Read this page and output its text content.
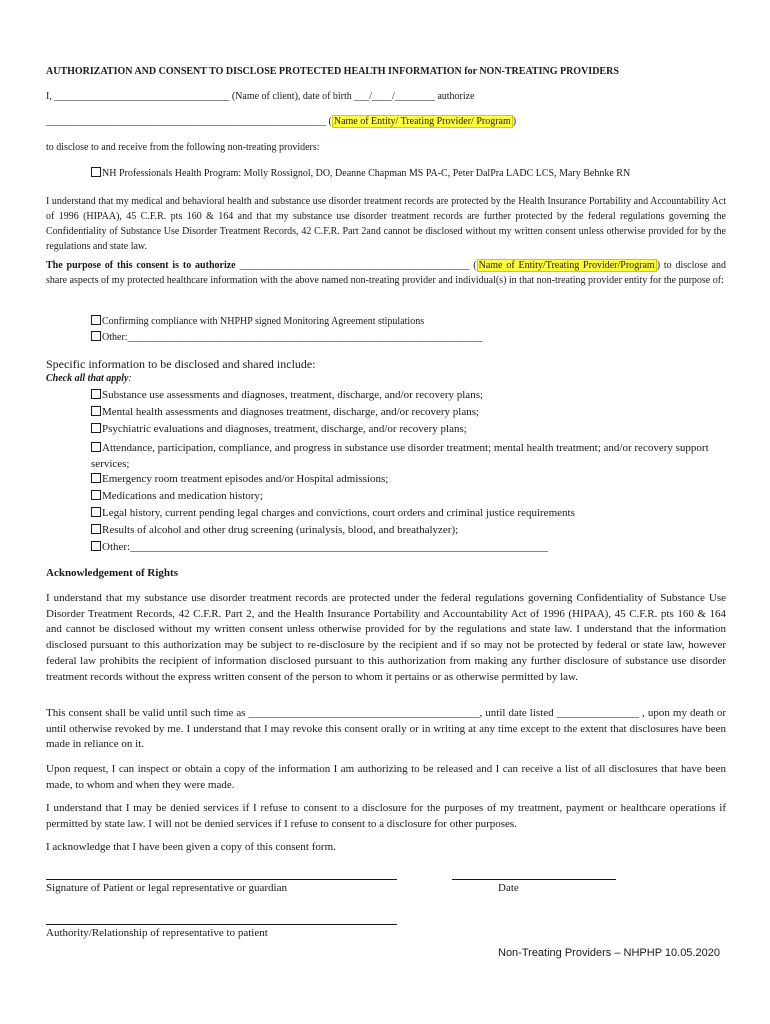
AUTHORIZATION AND CONSENT TO DISCLOSE PROTECTED HEALTH INFORMATION for NON-TREATING PROVIDERS
I, ___________________________________ (Name of client), date of birth ___/____/________ authorize
________________________________________________________ ( Name of Entity/ Treating Provider/ Program )
to disclose to and receive from the following non-treating providers:
NH Professionals Health Program: Molly Rossignol, DO, Deanne Chapman MS PA-C, Peter DalPra LADC LCS, Mary Behnke RN
I understand that my medical and behavioral health and substance use disorder treatment records are protected by the Health Insurance Portability and Accountability Act of 1996 (HIPAA), 45 C.F.R. pts 160 & 164 and that my substance use disorder treatment records are further protected by the federal regulations governing the Confidentiality of Substance Use Disorder Treatment Records, 42 C.F.R. Part 2and cannot be disclosed without my written consent unless otherwise provided for by the regulations and state law.
The purpose of this consent is to authorize ______________________________________________ ( Name of Entity/Treating Provider/Program ) to disclose and share aspects of my protected healthcare information with the above named non-treating provider and individual(s) in that non-treating provider entity for the purpose of:
Confirming compliance with NHPHP signed Monitoring Agreement stipulations
Other:_______________________________________________________________________
Specific information to be disclosed and shared include:
Check all that apply:
Substance use assessments and diagnoses, treatment, discharge, and/or recovery plans;
Mental health assessments and diagnoses treatment, discharge, and/or recovery plans;
Psychiatric evaluations and diagnoses, treatment, discharge, and/or recovery plans;
Attendance, participation, compliance, and progress in substance use disorder treatment; mental health treatment; and/or recovery support services;
Emergency room treatment episodes and/or Hospital admissions;
Medications and medication history;
Legal history, current pending legal charges and convictions, court orders and criminal justice requirements
Results of alcohol and other drug screening (urinalysis, blood, and breathalyzer);
Other:____________________________________________________________________________
Acknowledgement of Rights
I understand that my substance use disorder treatment records are protected under the federal regulations governing Confidentiality of Substance Use Disorder Treatment Records, 42 C.F.R. Part 2, and the Health Insurance Portability and Accountability Act of 1996 (HIPAA), 45 C.F.R. pts 160 & 164 and cannot be disclosed without my written consent unless otherwise provided for by the regulations and state law. I understand that the information disclosed pursuant to this authorization may be subject to re-disclosure by the recipient and if so may not be protected by federal or state law, however federal law prohibits the recipient of information disclosed pursuant to this authorization from making any further disclosure of substance use disorder treatment records without the express written consent of the person to whom it pertains or as otherwise permitted by law.
This consent shall be valid until such time as __________________________________________, until date listed _______________ , upon my death or until otherwise revoked by me. I understand that I may revoke this consent orally or in writing at any time except to the extent that disclosures have been made in reliance on it.
Upon request, I can inspect or obtain a copy of the information I am authorizing to be released and I can receive a list of all disclosures that have been made, to whom and when they were made.
I understand that I may be denied services if I refuse to consent to a disclosure for the purposes of my treatment, payment or healthcare operations if permitted by state law. I will not be denied services if I refuse to consent to a disclosure for other purposes.
I acknowledge that I have been given a copy of this consent form.
Signature of Patient or legal representative or guardian	Date
Authority/Relationship of representative to patient
Non-Treating Providers – NHPHP 10.05.2020
